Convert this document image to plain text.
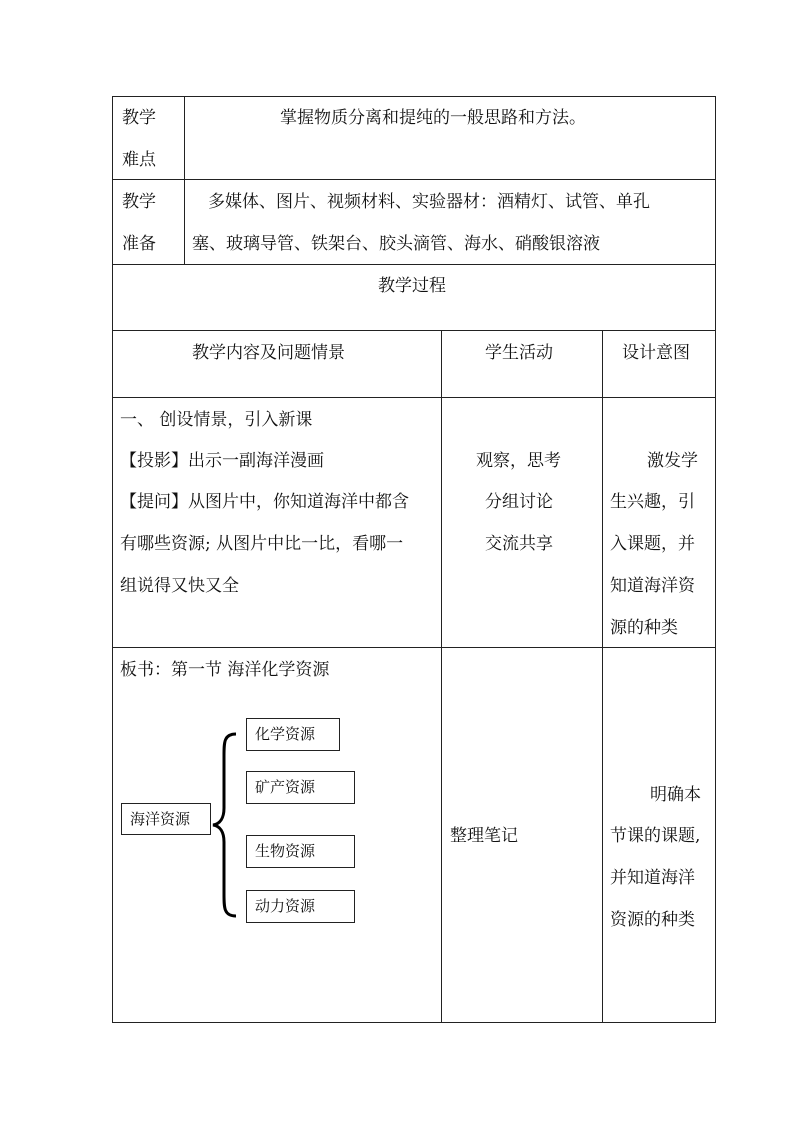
教学
难点
掌握物质分离和提纯的一般思路和方法。
教学
准备
多媒体、图片、视频材料、实验器材：酒精灯、试管、单孔
塞、玻璃导管、铁架台、胶头滴管、海水、硝酸银溶液
教学过程
教学内容及问题情景	学生活动	设计意图
一、 创设情景，引入新课
【投影】出示一副海洋漫画
【提问】从图片中，你知道海洋中都含
有哪些资源; 从图片中比一比，看哪一
组说得又快又全
观察，思考
分组讨论
交流共享
激发学
生兴趣，引
入课题，并
知道海洋资
源的种类
板书：第一节 海洋化学资源
海洋资源
化学资源
矿产资源
生物资源
动力资源
整理笔记
明确本
节课的课题,
并知道海洋
资源的种类
